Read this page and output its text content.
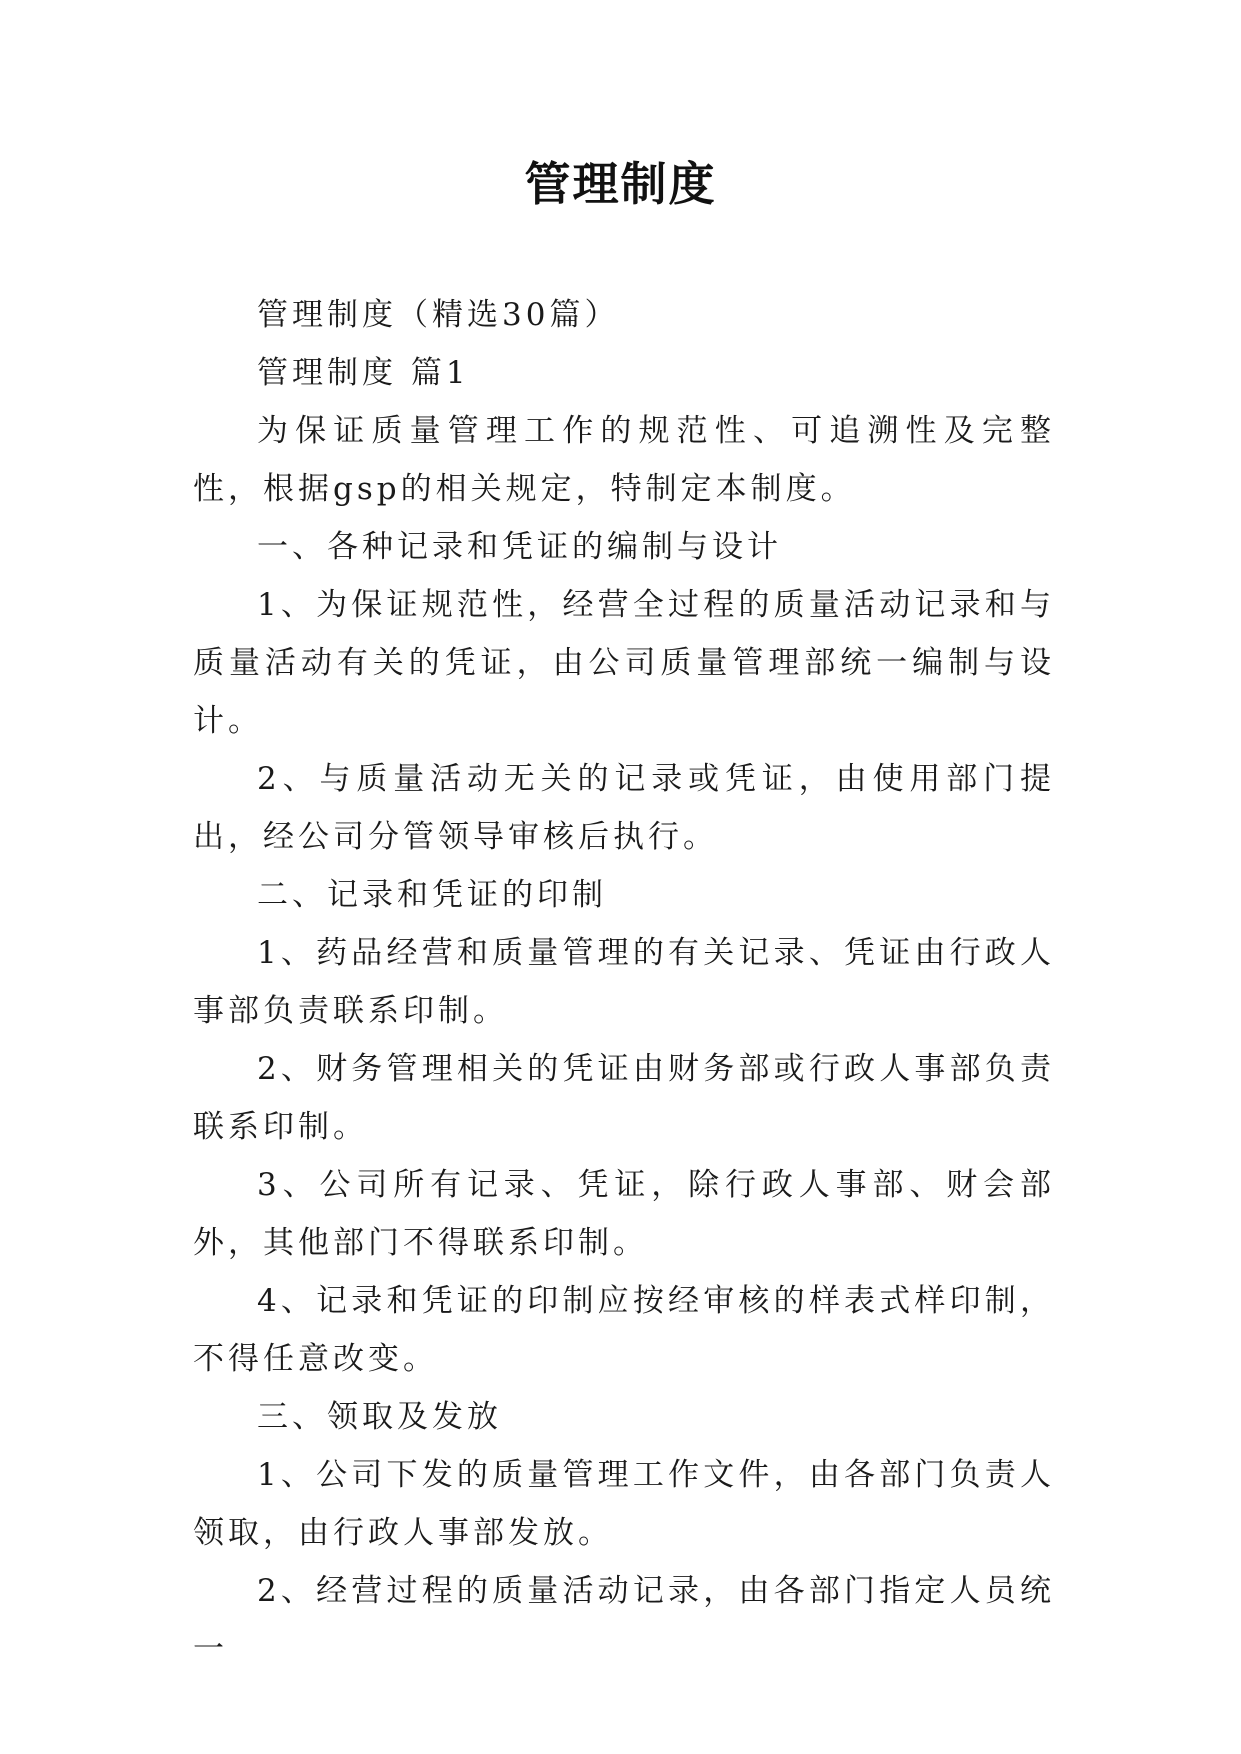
管理制度

管理制度（精选30篇）

管理制度 篇1

为保证质量管理工作的规范性、可追溯性及完整性，根据gsp的相关规定，特制定本制度。

一、各种记录和凭证的编制与设计

1、为保证规范性，经营全过程的质量活动记录和与质量活动有关的凭证，由公司质量管理部统一编制与设计。

2、与质量活动无关的记录或凭证，由使用部门提出，经公司分管领导审核后执行。

二、记录和凭证的印制

1、药品经营和质量管理的有关记录、凭证由行政人事部负责联系印制。

2、财务管理相关的凭证由财务部或行政人事部负责联系印制。

3、公司所有记录、凭证，除行政人事部、财会部外，其他部门不得联系印制。

4、记录和凭证的印制应按经审核的样表式样印制，不得任意改变。

三、领取及发放

1、公司下发的质量管理工作文件，由各部门负责人领取，由行政人事部发放。

2、经营过程的质量活动记录，由各部门指定人员统一
